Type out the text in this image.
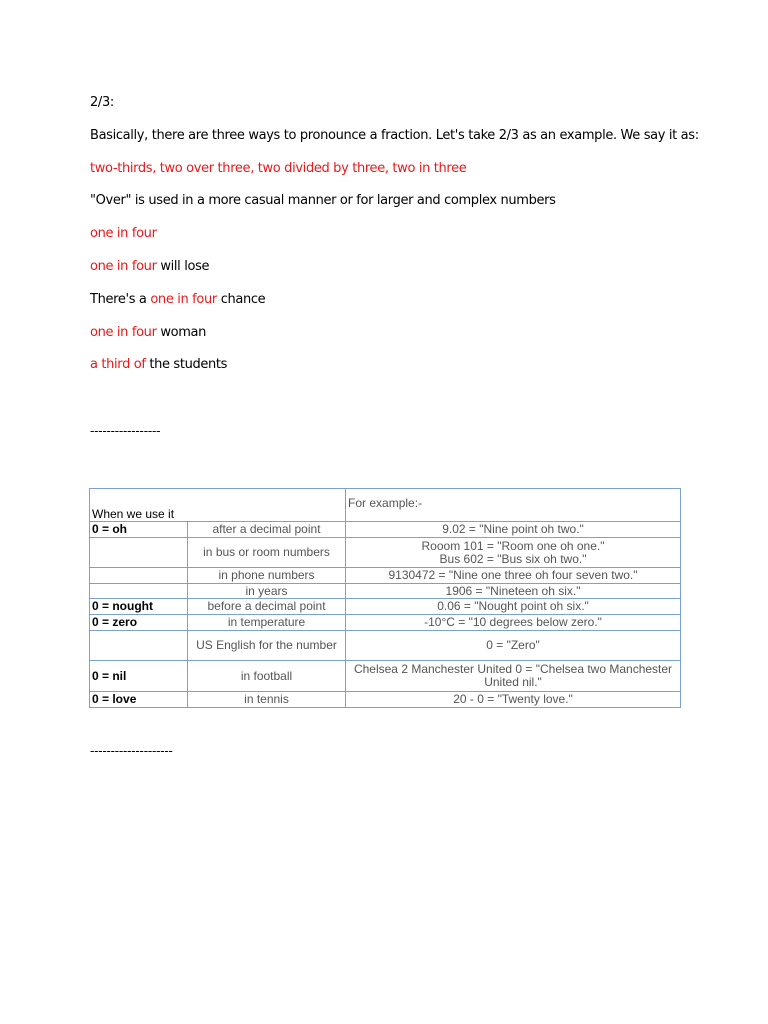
2/3:
Basically, there are three ways to pronounce a fraction. Let's take 2/3 as an example. We say it as:
two-thirds, two over three, two divided by three, two in three
"Over" is used in a more casual manner or for larger and complex numbers
one in four
one in four will lose
There's a one in four chance
one in four woman
a third of the students
-----------------
When we use it		For example:-
0 = oh	after a decimal point	9.02 = "Nine point oh two."
	in bus or room numbers	Rooom 101 = "Room one oh one."
Bus 602 = "Bus six oh two."

	in phone numbers	9130472 = "Nine one three oh four seven two."
	in years	1906 = "Nineteen oh six."
0 = nought	before a decimal point	0.06 = "Nought point oh six."
0 = zero	in temperature	-10°C = "10 degrees below zero."
	US English for the number	0 = "Zero"
0 = nil	in football	Chelsea 2 Manchester United 0 = "Chelsea two Manchester United nil."
0 = love	in tennis	20 - 0 = "Twenty love."
--------------------
